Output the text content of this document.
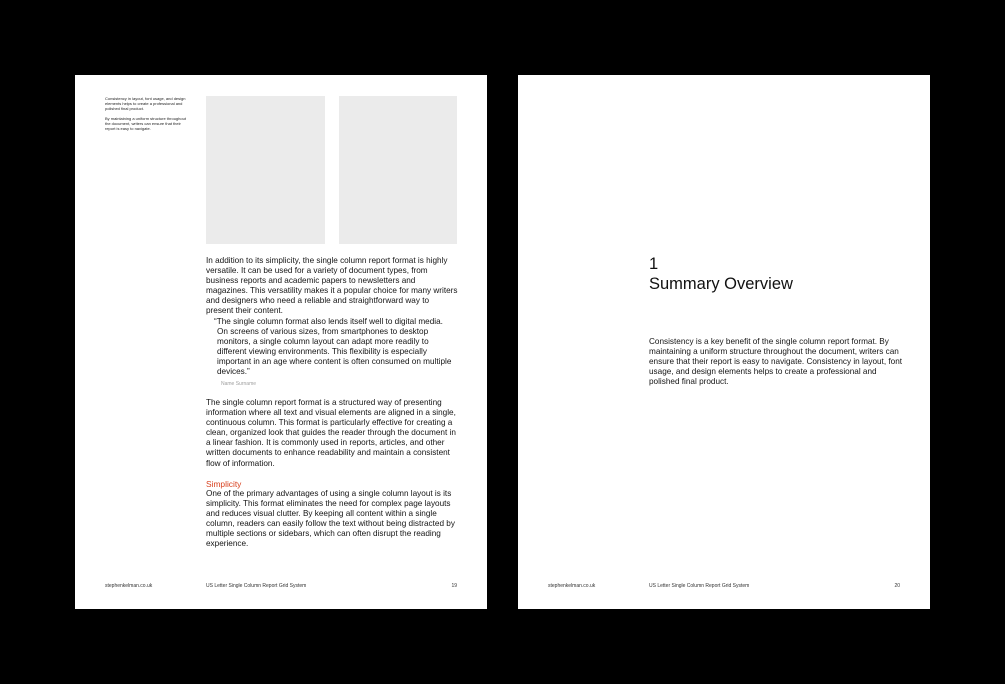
Consistency in layout, font usage, and design elements helps to create a professional and polished final product.

By maintaining a uniform structure throughout the document, writers can ensure that their report is easy to navigate.

In addition to its simplicity, the single column report format is highly versatile. It can be used for a variety of document types, from business reports and academic papers to newsletters and magazines. This versatility makes it a popular choice for many writers and designers who need a reliable and straightforward way to present their content.

“The single column format also lends itself well to digital media. On screens of various sizes, from smartphones to desktop monitors, a single column layout can adapt more readily to different viewing environments. This flexibility is especially important in an age where content is often consumed on multiple devices.”

Name Surname

The single column report format is a structured way of presenting information where all text and visual elements are aligned in a single, continuous column. This format is particularly effective for creating a clean, organized look that guides the reader through the document in a linear fashion. It is commonly used in reports, articles, and other written documents to enhance readability and maintain a consistent flow of information.

Simplicity

One of the primary advantages of using a single column layout is its simplicity. This format eliminates the need for complex page layouts and reduces visual clutter. By keeping all content within a single column, readers can easily follow the text without being distracted by multiple sections or sidebars, which can often disrupt the reading experience.

stephenkelman.co.uk	US Letter Single Column Report Grid System	19

1

Summary Overview

Consistency is a key benefit of the single column report format. By maintaining a uniform structure throughout the document, writers can ensure that their report is easy to navigate. Consistency in layout, font usage, and design elements helps to create a professional and polished final product.

stephenkelman.co.uk	US Letter Single Column Report Grid System	20
